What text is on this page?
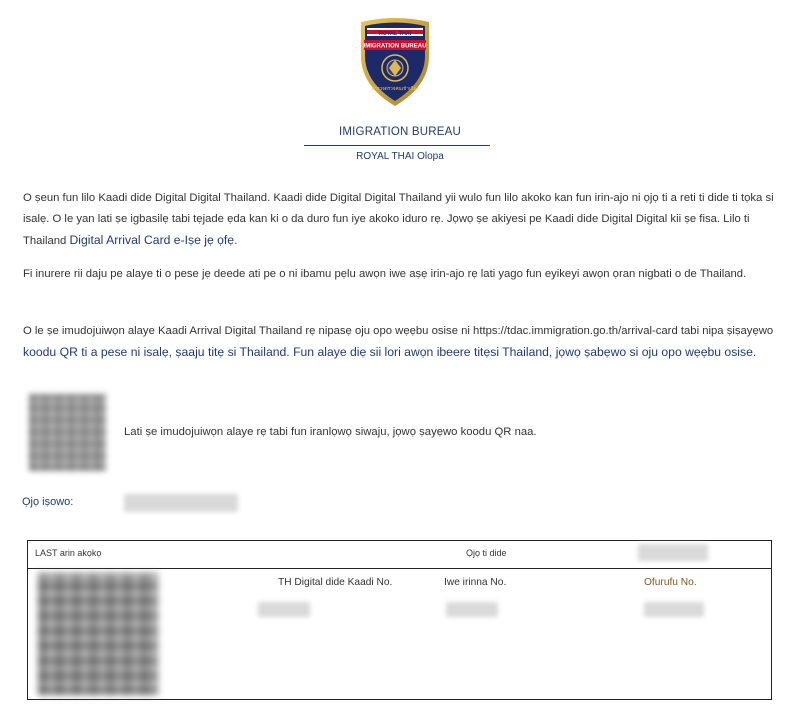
ROYAL THAI
IMIGRATION BUREAU
ตำรวจตรวจคนเข้าเมือง
IMIGRATION BUREAU
ROYAL THAI Olopa
O ṣeun fun lilo Kaadi dide Digital Digital Thailand. Kaadi dide Digital Digital Thailand yii wulo fun lilo akoko kan fun irin-ajo ni ọjọ ti a reti ti dide ti tọka si isalẹ. O le yan lati ṣe igbasilẹ tabi tẹjade ẹda kan ki o da duro fun iye akoko iduro rẹ. Jọwọ ṣe akiyesi pe Kaadi dide Digital Digital kii ṣe fisa. Lilo ti Thailand Digital Arrival Card e-Iṣe jẹ ọfẹ.
Fi inurere rii daju pe alaye ti o pese jẹ deede ati pe o ni ibamu pẹlu awọn iwe aṣẹ irin-ajo rẹ lati yago fun eyikeyi awọn ọran nigbati o de Thailand.
O le ṣe imudojuiwọn alaye Kaadi Arrival Digital Thailand rẹ nipasẹ oju opo wẹẹbu osise ni https://tdac.immigration.go.th/arrival-card tabi nipa ṣiṣayẹwo koodu QR ti a pese ni isalẹ, ṣaaju titẹ si Thailand. Fun alaye diẹ sii lori awọn ibeere titẹsi Thailand, jọwọ ṣabẹwo si oju opo wẹẹbu osise.
Lati ṣe imudojuiwọn alaye rẹ tabi fun iranlọwọ siwaju, jọwọ ṣayẹwo koodu QR naa.
Ọjọ iṣowo:
LAST arin akọkọ	Ọjọ ti dide
TH Digital dide Kaadi No.	Iwe irinna No.	Ofurufu No.
